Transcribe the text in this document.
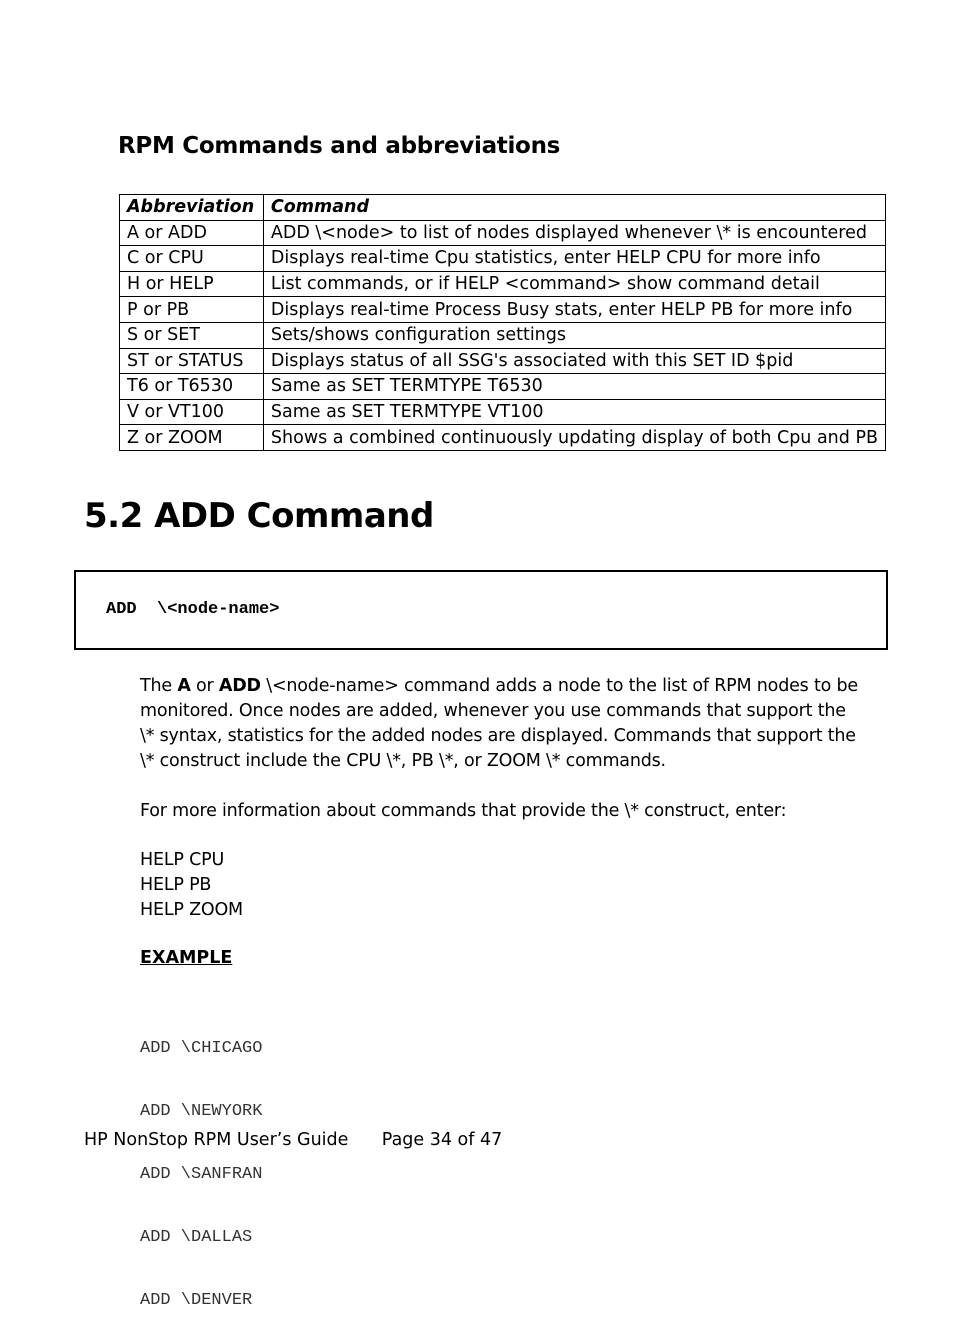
RPM Commands and abbreviations
Abbreviation	Command
A or ADD	ADD \<node> to list of nodes displayed whenever \* is encountered
C or CPU	Displays real-time Cpu statistics, enter HELP CPU for more info
H or HELP	List commands, or if HELP <command> show command detail
P or PB	Displays real-time Process Busy stats, enter HELP PB for more info
S or SET	Sets/shows configuration settings
ST or STATUS	Displays status of all SSG's associated with this SET ID $pid
T6 or T6530	Same as SET TERMTYPE T6530
V or VT100	Same as SET TERMTYPE VT100
Z or ZOOM	Shows a combined continuously updating display of both Cpu and PB
5.2 ADD Command
ADD  \<node-name>

The A or ADD \<node-name> command adds a node to the list of RPM nodes to be monitored. Once nodes are added, whenever you use commands that support the \* syntax, statistics for the added nodes are displayed. Commands that support the \* construct include the CPU \*, PB \*, or ZOOM \* commands.

For more information about commands that provide the \* construct, enter:

HELP CPU
HELP PB
HELP ZOOM
EXAMPLE

ADD \CHICAGO

ADD \NEWYORK

ADD \SANFRAN

ADD \DALLAS

ADD \DENVER

HP NonStop RPM User’s Guide Page 34 of 47
